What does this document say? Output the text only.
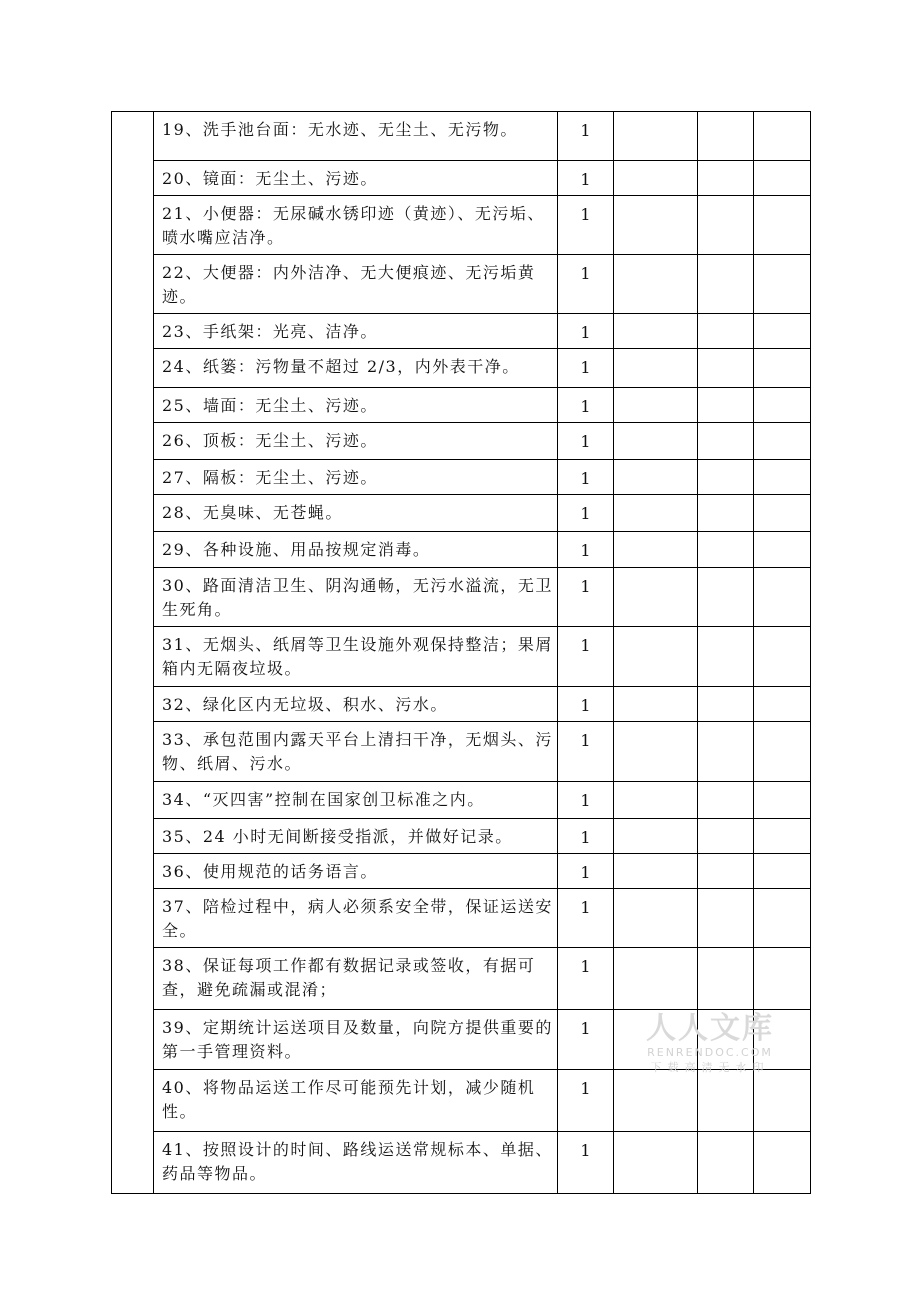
	19、洗手池台面：无水迹、无尘土、无污物。	1			

	20、镜面：无尘土、污迹。	1			

	21、小便器：无尿碱水锈印迹（黄迹）、无污垢、喷水嘴应洁净。	1			

	22、大便器：内外洁净、无大便痕迹、无污垢黄迹。	1			

	23、手纸架：光亮、洁净。	1			

	24、纸篓：污物量不超过 2/3，内外表干净。	1			

	25、墙面：无尘土、污迹。	1			

	26、顶板：无尘土、污迹。	1			

	27、隔板：无尘土、污迹。	1			

	28、无臭味、无苍蝇。	1			

	29、各种设施、用品按规定消毒。	1			

	30、路面清洁卫生、阴沟通畅，无污水溢流，无卫生死角。	1			

	31、无烟头、纸屑等卫生设施外观保持整洁；果屑箱内无隔夜垃圾。	1			

	32、绿化区内无垃圾、积水、污水。	1			

	33、承包范围内露天平台上清扫干净，无烟头、污物、纸屑、污水。	1			

	34、“灭四害”控制在国家创卫标准之内。	1			

	35、24 小时无间断接受指派，并做好记录。	1			

	36、使用规范的话务语言。	1			

	37、陪检过程中，病人必须系安全带，保证运送安全。	1			

	38、保证每项工作都有数据记录或签收，有据可查，避免疏漏或混淆；	1			

	39、定期统计运送项目及数量，向院方提供重要的第一手管理资料。	1			

	40、将物品运送工作尽可能预先计划，减少随机性。	1			

	41、按照设计的时间、路线运送常规标本、单据、药品等物品。	1			

人人文库
RENRENDOC.COM
下载高清无水印
